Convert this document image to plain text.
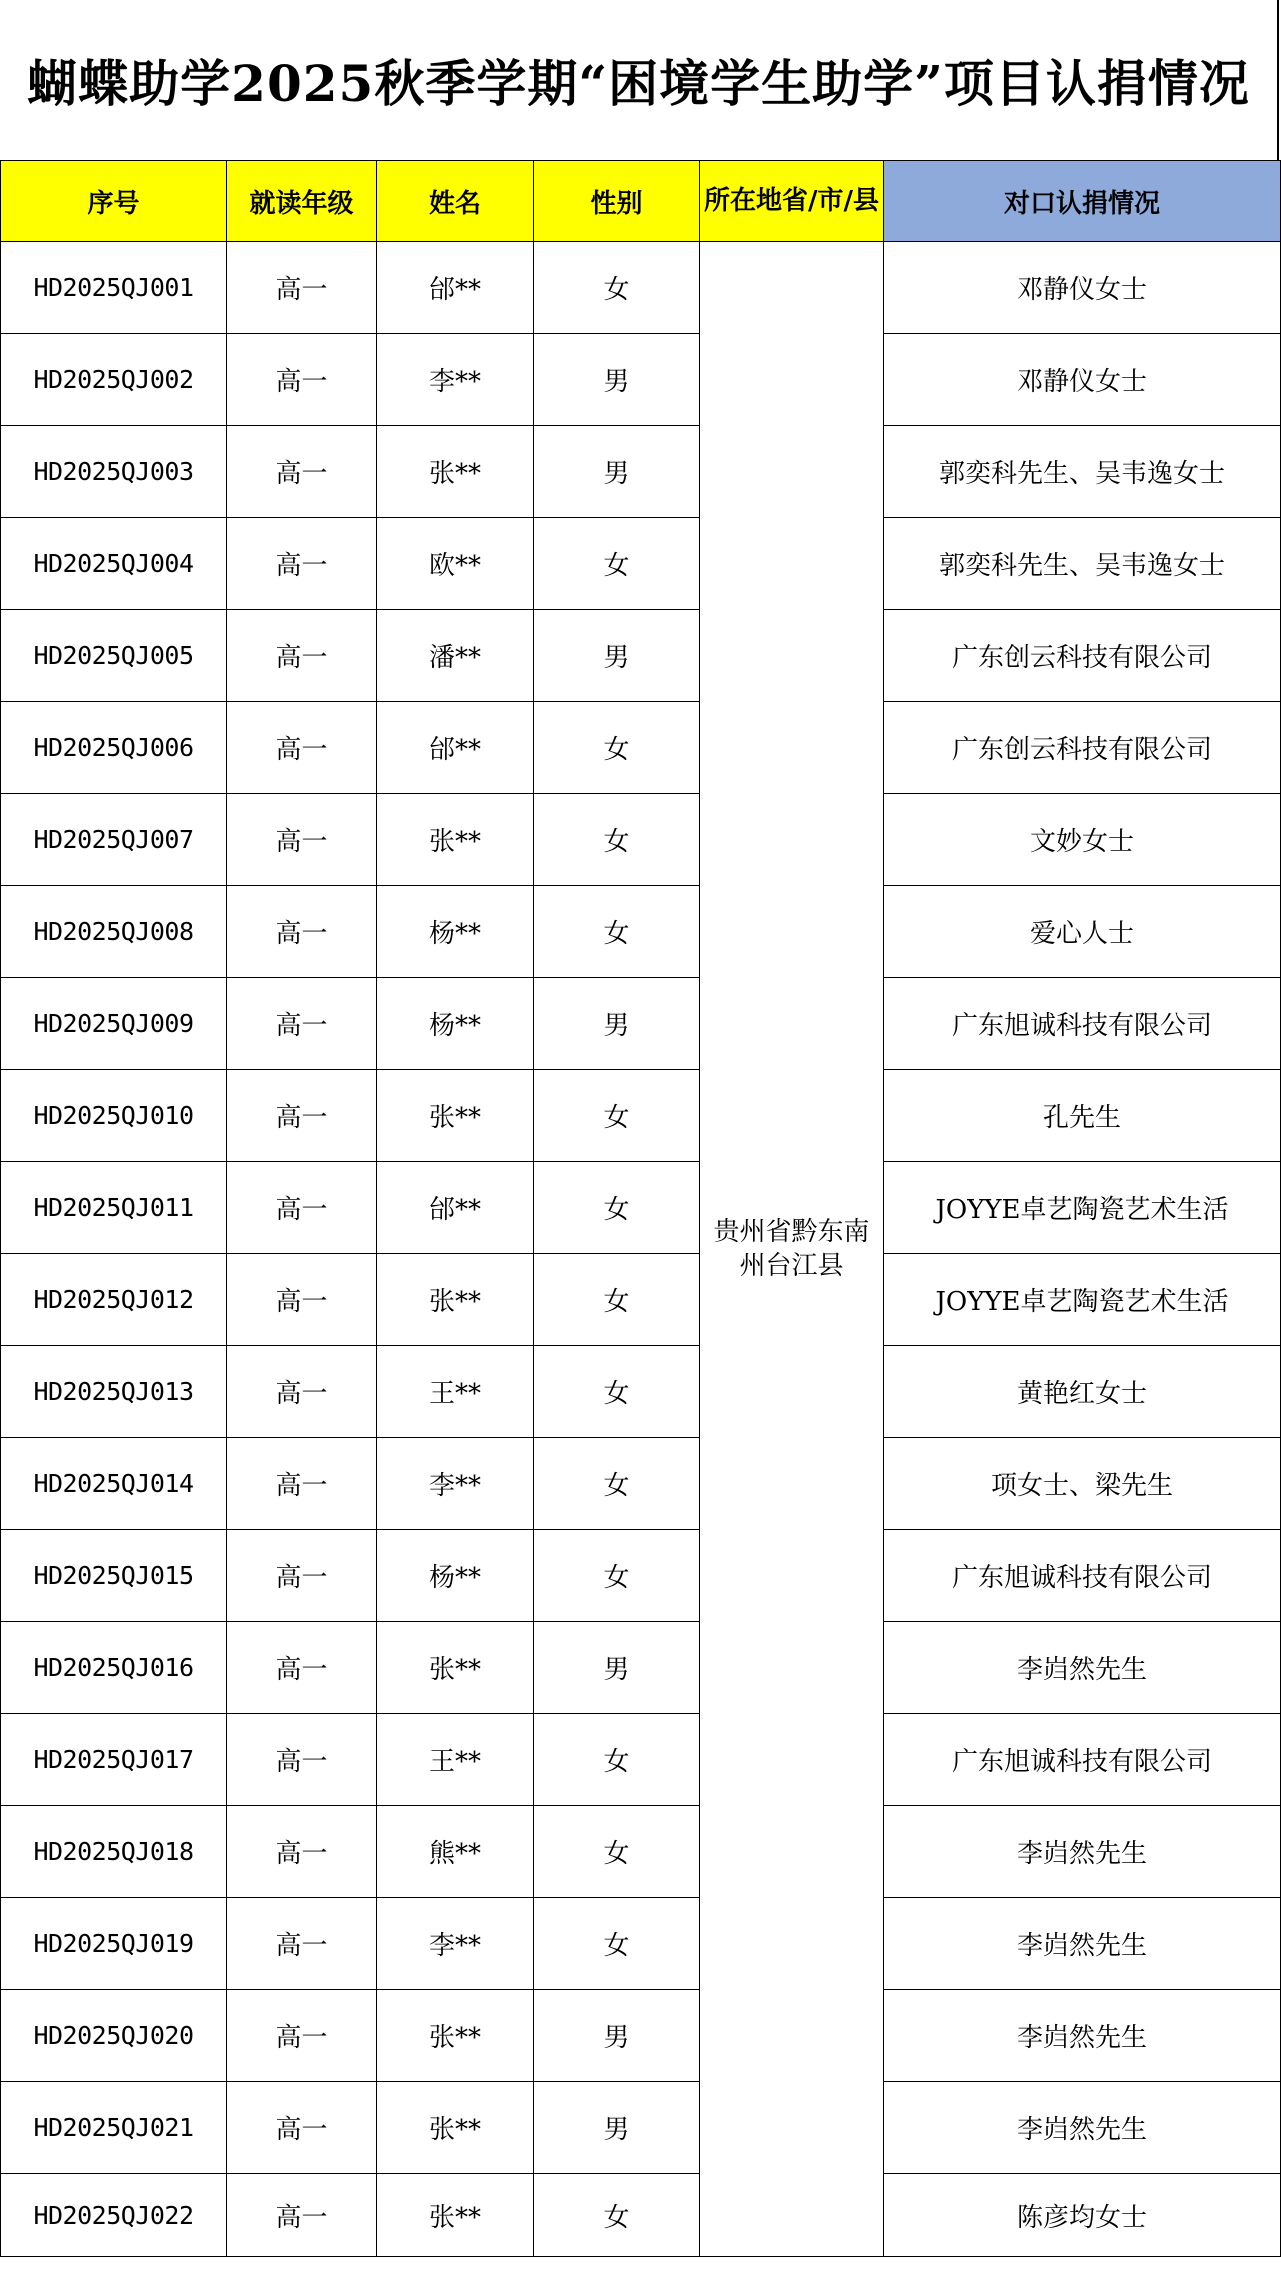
蝴蝶助学2025秋季学期“困境学生助学”项目认捐情况
序号	就读年级	姓名	性别	所在地省/市/县	对口认捐情况
HD2025QJ001	高一	邰**	女	贵州省黔东南州台江县	邓静仪女士
HD2025QJ002	高一	李**	男		邓静仪女士
HD2025QJ003	高一	张**	男		郭奕科先生、吴韦逸女士
HD2025QJ004	高一	欧**	女		郭奕科先生、吴韦逸女士
HD2025QJ005	高一	潘**	男		广东创云科技有限公司
HD2025QJ006	高一	邰**	女		广东创云科技有限公司
HD2025QJ007	高一	张**	女		文妙女士
HD2025QJ008	高一	杨**	女		爱心人士
HD2025QJ009	高一	杨**	男		广东旭诚科技有限公司
HD2025QJ010	高一	张**	女		孔先生
HD2025QJ011	高一	邰**	女		JOYYE卓艺陶瓷艺术生活
HD2025QJ012	高一	张**	女		JOYYE卓艺陶瓷艺术生活
HD2025QJ013	高一	王**	女		黄艳红女士
HD2025QJ014	高一	李**	女		项女士、梁先生
HD2025QJ015	高一	杨**	女		广东旭诚科技有限公司
HD2025QJ016	高一	张**	男		李岿然先生
HD2025QJ017	高一	王**	女		广东旭诚科技有限公司
HD2025QJ018	高一	熊**	女		李岿然先生
HD2025QJ019	高一	李**	女		李岿然先生
HD2025QJ020	高一	张**	男		李岿然先生
HD2025QJ021	高一	张**	男		李岿然先生
HD2025QJ022	高一	张**	女		陈彦均女士
